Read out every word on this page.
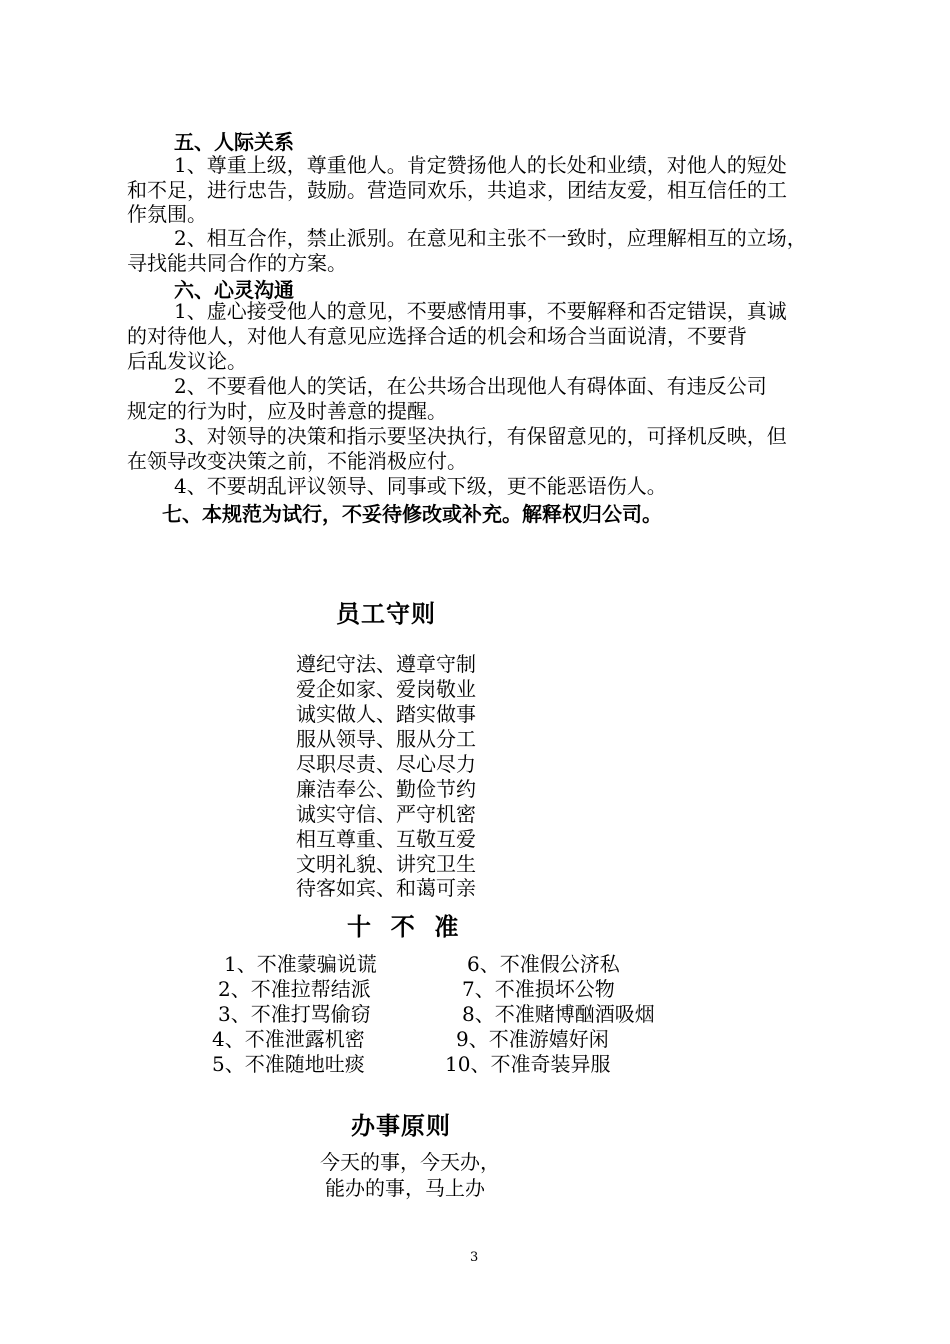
五、人际关系
1、尊重上级，尊重他人。肯定赞扬他人的长处和业绩，对他人的短处
和不足，进行忠告，鼓励。营造同欢乐，共追求，团结友爱，相互信任的工
作氛围。
2、相互合作，禁止派别。在意见和主张不一致时，应理解相互的立场，
寻找能共同合作的方案。
六、心灵沟通
1、虚心接受他人的意见，不要感情用事，不要解释和否定错误，真诚
的对待他人，对他人有意见应选择合适的机会和场合当面说清，不要背
后乱发议论。
2、不要看他人的笑话，在公共场合出现他人有碍体面、有违反公司
规定的行为时，应及时善意的提醒。
3、对领导的决策和指示要坚决执行，有保留意见的，可择机反映，但
在领导改变决策之前，不能消极应付。
4、不要胡乱评议领导、同事或下级，更不能恶语伤人。
七、本规范为试行，不妥待修改或补充。解释权归公司。
员工守则
遵纪守法、遵章守制
爱企如家、爱岗敬业
诚实做人、踏实做事
服从领导、服从分工
尽职尽责、尽心尽力
廉洁奉公、勤俭节约
诚实守信、严守机密
相互尊重、互敬互爱
文明礼貌、讲究卫生
待客如宾、和蔼可亲
十  不  准
1、不准蒙骗说谎
2、不准拉帮结派
3、不准打骂偷窃
4、不准泄露机密
5、不准随地吐痰
6、不准假公济私
7、不准损坏公物
8、不准赌博酗酒吸烟
9、不准游嬉好闲
10、不准奇装异服
办事原则
今天的事，今天办，
能办的事，马上办
3
